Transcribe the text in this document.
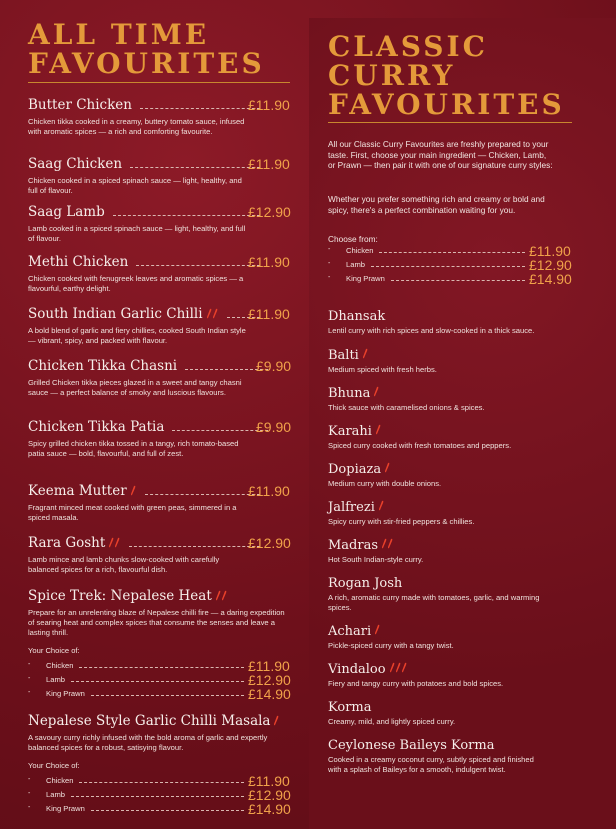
ALL TIME
FAVOURITES
Butter Chicken	£11.90

Chicken tikka cooked in a creamy, buttery tomato sauce, infused with aromatic spices — a rich and comforting favourite.

Saag Chicken	£11.90

Chicken cooked in a spiced spinach sauce — light, healthy, and full of flavour.

Saag Lamb	£12.90

Lamb cooked in a spiced spinach sauce — light, healthy, and full of flavour.

Methi Chicken	£11.90

Chicken cooked with fenugreek leaves and aromatic spices — a flavourful, earthy delight.

South Indian Garlic Chilli	£11.90

A bold blend of garlic and fiery chillies, cooked South Indian style — vibrant, spicy, and packed with flavour.

Chicken Tikka Chasni	£9.90

Grilled Chicken tikka pieces glazed in a sweet and tangy chasni sauce — a perfect balance of smoky and luscious flavours.

Chicken Tikka Patia	£9.90

Spicy grilled chicken tikka tossed in a tangy, rich tomato-based patia sauce — bold, flavourful, and full of zest.

Keema Mutter	£11.90

Fragrant minced meat cooked with green peas, simmered in a spiced masala.

Rara Gosht	£12.90

Lamb mince and lamb chunks slow-cooked with carefully balanced spices for a rich, flavourful dish.

Spice Trek: Nepalese Heat

Prepare for an unrelenting blaze of Nepalese chilli fire — a daring expedition of searing heat and complex spices that consume the senses and leave a lasting thrill.

Your Choice of:

- Chicken	£11.90
- Lamb	£12.90
- King Prawn	£14.90
Nepalese Style Garlic Chilli Masala

A savoury curry richly infused with the bold aroma of garlic and expertly balanced spices for a robust, satisying flavour.

Your Choice of:

- Chicken	£11.90
- Lamb	£12.90
- King Prawn	£14.90
CLASSIC
CURRY
FAVOURITES

All our Classic Curry Favourites are freshly prepared to your taste. First, choose your main ingredient — Chicken, Lamb, or Prawn — then pair it with one of our signature curry styles:

Whether you prefer something rich and creamy or bold and spicy, there's a perfect combination waiting for you.

Choose from:

- Chicken	£11.90
- Lamb	£12.90
- King Prawn	£14.90

Dhansak

Lentil curry with rich spices and slow-cooked in a thick sauce.

Balti

Medium spiced with fresh herbs.

Bhuna

Thick sauce with caramelised onions & spices.

Karahi

Spiced curry cooked with fresh tomatoes and peppers.

Dopiaza

Medium curry with double onions.

Jalfrezi

Spicy curry with stir-fried peppers & chillies.

Madras

Hot South Indian-style curry.

Rogan Josh

A rich, aromatic curry made with tomatoes, garlic, and warming spices.

Achari

Pickle-spiced curry with a tangy twist.

Vindaloo

Fiery and tangy curry with potatoes and bold spices.

Korma

Creamy, mild, and lightly spiced curry.

Ceylonese Baileys Korma

Cooked in a creamy coconut curry, subtly spiced and finished with a splash of Baileys for a smooth, indulgent twist.
